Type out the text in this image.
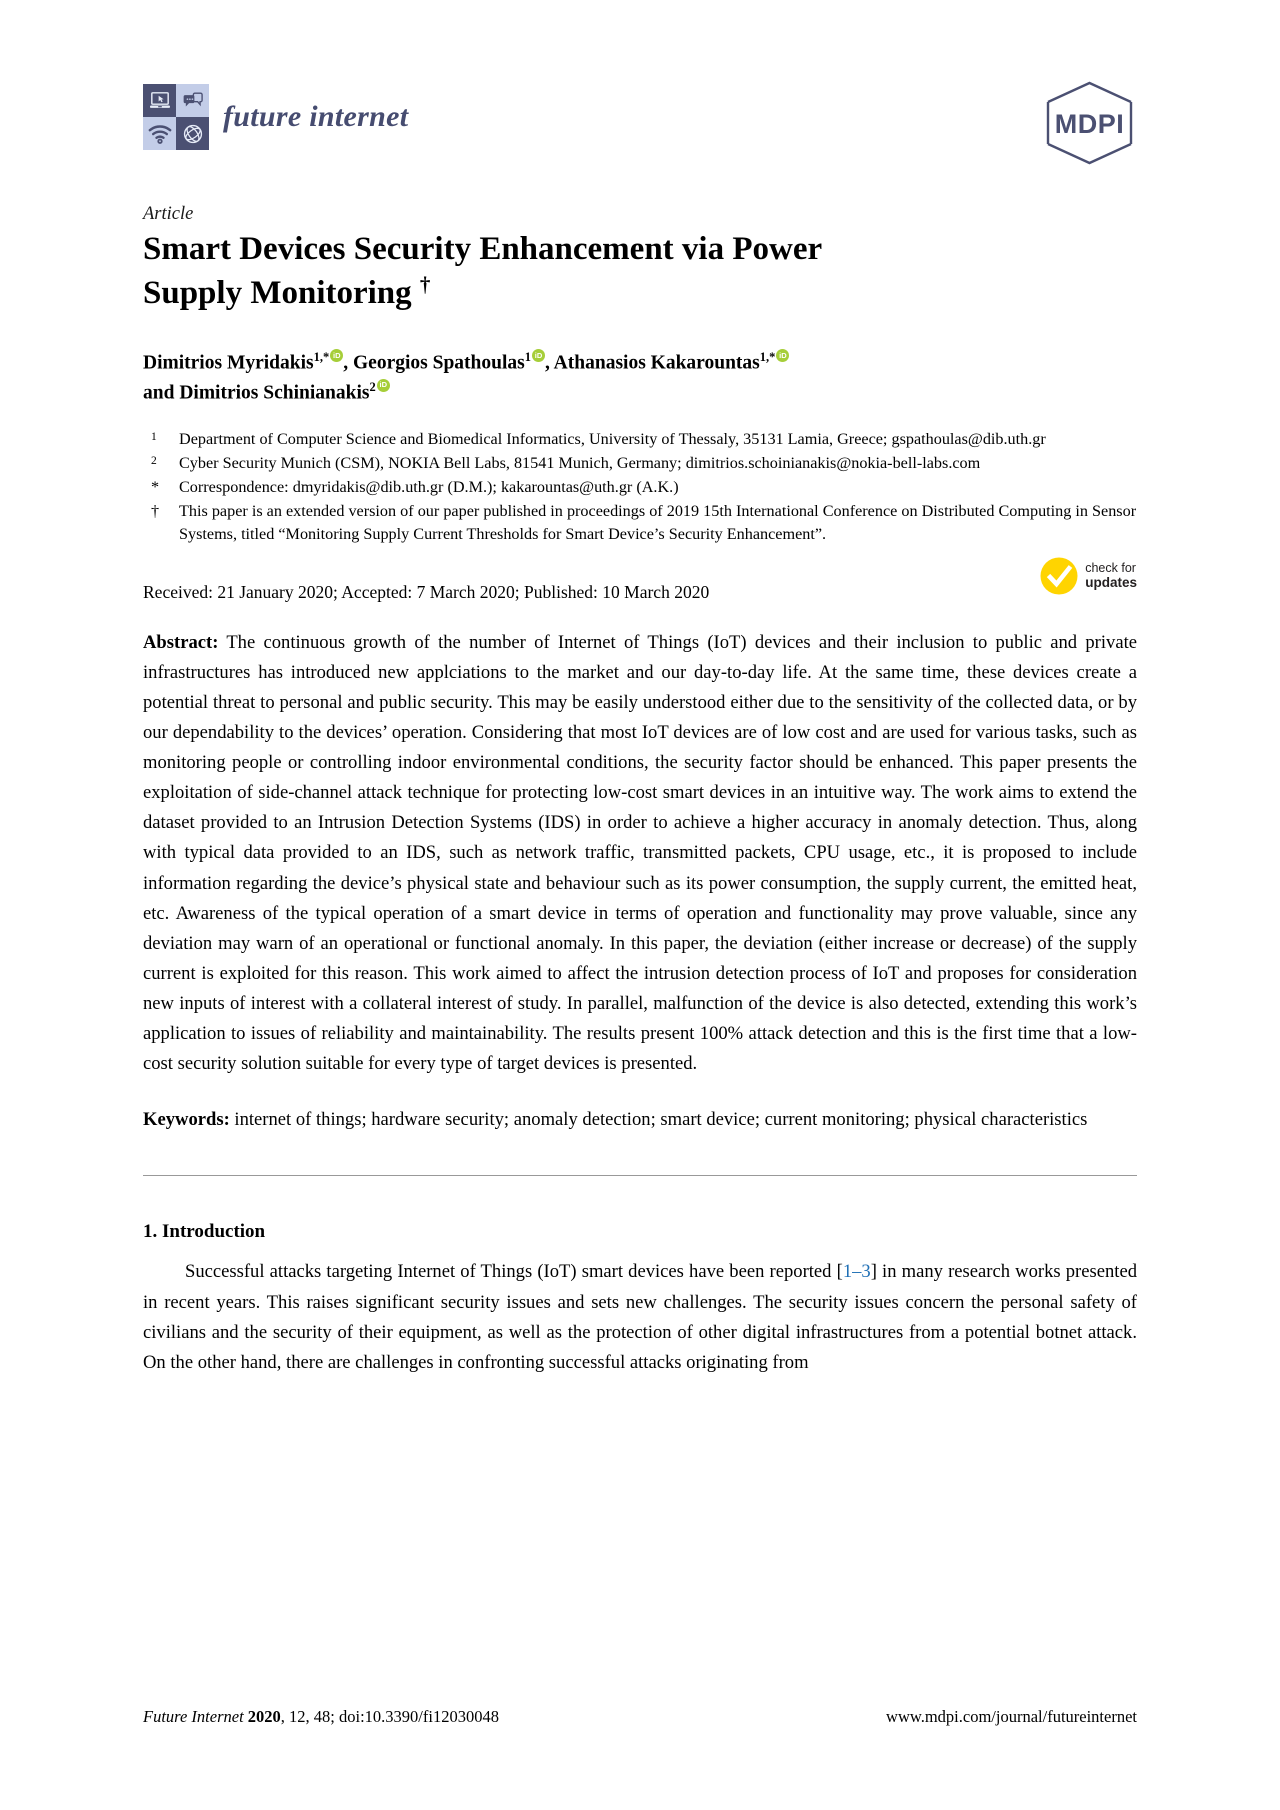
future internet	MDPI
Article
Smart Devices Security Enhancement via Power
Supply Monitoring †
Dimitrios Myridakis$^{1,*}$ iD , Georgios Spathoulas$^1$ iD , Athanasios Kakarountas$^{1,*}$iD
and Dimitrios Schinianakis$^2$iD
1	Department of Computer Science and Biomedical Informatics, University of Thessaly, 35131 Lamia, Greece; gspathoulas@dib.uth.gr
2	Cyber Security Munich (CSM), NOKIA Bell Labs, 81541 Munich, Germany; dimitrios.schoinianakis@nokia-bell-labs.com
*	Correspondence: dmyridakis@dib.uth.gr (D.M.); kakarountas@uth.gr (A.K.)
†	This paper is an extended version of our paper published in proceedings of 2019 15th International Conference on Distributed Computing in Sensor Systems, titled “Monitoring Supply Current Thresholds for Smart Device’s Security Enhancement”.
Received: 21 January 2020; Accepted: 7 March 2020; Published: 10 March 2020
check for
updates
Abstract: The continuous growth of the number of Internet of Things (IoT) devices and their inclusion to public and private infrastructures has introduced new applciations to the market and our day-to-day life. At the same time, these devices create a potential threat to personal and public security. This may be easily understood either due to the sensitivity of the collected data, or by our dependability to the devices’ operation. Considering that most IoT devices are of low cost and are used for various tasks, such as monitoring people or controlling indoor environmental conditions, the security factor should be enhanced. This paper presents the exploitation of side-channel attack technique for protecting low-cost smart devices in an intuitive way. The work aims to extend the dataset provided to an Intrusion Detection Systems (IDS) in order to achieve a higher accuracy in anomaly detection. Thus, along with typical data provided to an IDS, such as network traffic, transmitted packets, CPU usage, etc., it is proposed to include information regarding the device’s physical state and behaviour such as its power consumption, the supply current, the emitted heat, etc. Awareness of the typical operation of a smart device in terms of operation and functionality may prove valuable, since any deviation may warn of an operational or functional anomaly. In this paper, the deviation (either increase or decrease) of the supply current is exploited for this reason. This work aimed to affect the intrusion detection process of IoT and proposes for consideration new inputs of interest with a collateral interest of study. In parallel, malfunction of the device is also detected, extending this work’s application to issues of reliability and maintainability. The results present 100% attack detection and this is the first time that a low-cost security solution suitable for every type of target devices is presented.
Keywords: internet of things; hardware security; anomaly detection; smart device; current monitoring; physical characteristics
1. Introduction
Successful attacks targeting Internet of Things (IoT) smart devices have been reported [1–3] in many research works presented in recent years. This raises significant security issues and sets new challenges. The security issues concern the personal safety of civilians and the security of their equipment, as well as the protection of other digital infrastructures from a potential botnet attack. On the other hand, there are challenges in confronting successful attacks originating from
Future Internet 2020, 12, 48; doi:10.3390/fi12030048	www.mdpi.com/journal/futureinternet
